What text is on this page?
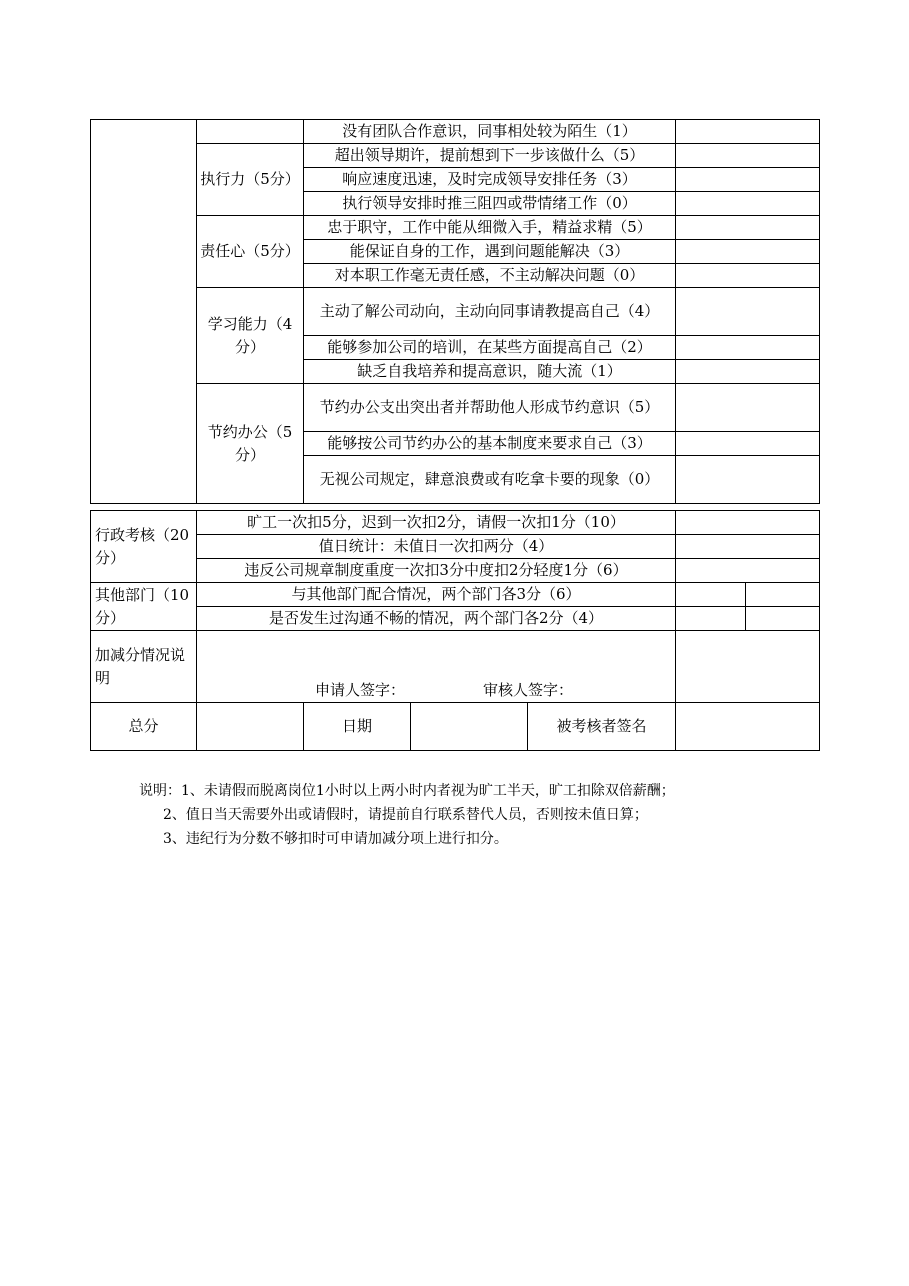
		没有团队合作意识，同事相处较为陌生（1）	
	执行力（5分）	超出领导期许，提前想到下一步该做什么（5）	
		响应速度迅速，及时完成领导安排任务（3）	
		执行领导安排时推三阻四或带情绪工作（0）	
	责任心（5分）	忠于职守，工作中能从细微入手，精益求精（5）	
		能保证自身的工作，遇到问题能解决（3）	
		对本职工作毫无责任感，不主动解决问题（0）	
	学习能力（4分）	主动了解公司动向，主动向同事请教提高自己（4）	
		能够参加公司的培训，在某些方面提高自己（2）	
		缺乏自我培养和提高意识，随大流（1）	
	节约办公（5分）	节约办公支出突出者并帮助他人形成节约意识（5）	
		能够按公司节约办公的基本制度来要求自己（3）	
		无视公司规定，肆意浪费或有吃拿卡要的现象（0）	
行政考核（20分）	旷工一次扣5分，迟到一次扣2分，请假一次扣1分（10）					
	值日统计：未值日一次扣两分（4）					
	违反公司规章制度重度一次扣3分中度扣2分轻度1分（6）					
其他部门（10分）	与其他部门配合情况，两个部门各3分（6）					
	是否发生过沟通不畅的情况，两个部门各2分（4）					
加减分情况说明	申请人签字： 审核人签字：					

总分		日期		被考核者签名		
说明：1、未请假而脱离岗位1小时以上两小时内者视为旷工半天，旷工扣除双倍薪酬；
2、值日当天需要外出或请假时，请提前自行联系替代人员，否则按未值日算；
3、违纪行为分数不够扣时可申请加减分项上进行扣分。
